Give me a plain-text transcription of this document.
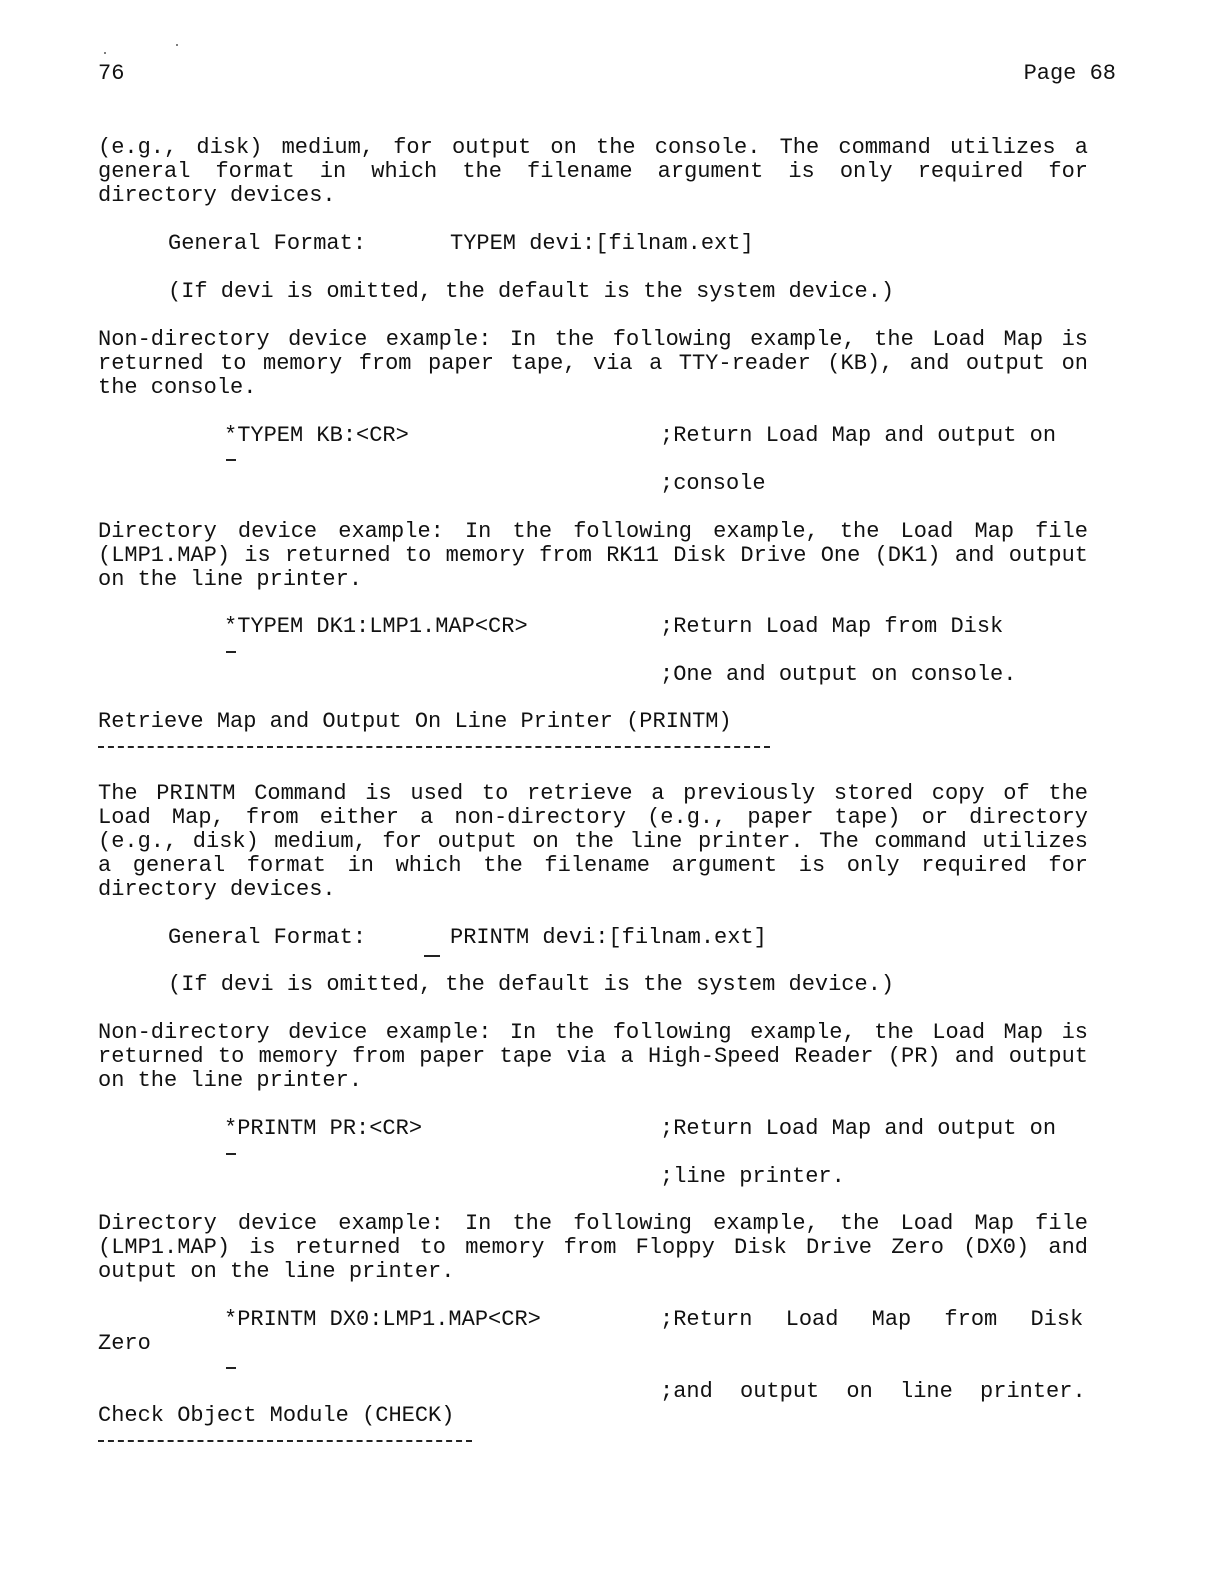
76	Page 68
(e.g., disk) medium, for output on the console. The command utilizes a general format in which the filename argument is only required for directory devices.
General Format:	TYPEM devi:[filnam.ext]
(If devi is omitted, the default is the system device.)
Non-directory device example: In the following example, the Load Map is returned to memory from paper tape, via a TTY-reader (KB), and output on the console.
*TYPEM KB:<CR>	;Return Load Map and output on
;console
Directory device example: In the following example, the Load Map file (LMP1.MAP) is returned to memory from RK11 Disk Drive One (DK1) and output on the line printer.
*TYPEM DK1:LMP1.MAP<CR>	;Return Load Map from Disk
;One and output on console.
Retrieve Map and Output On Line Printer (PRINTM)
The PRINTM Command is used to retrieve a previously stored copy of the Load Map, from either a non-directory (e.g., paper tape) or directory (e.g., disk) medium, for output on the line printer. The command utilizes a general format in which the filename argument is only required for directory devices.
General Format:	PRINTM devi:[filnam.ext]
(If devi is omitted, the default is the system device.)
Non-directory device example: In the following example, the Load Map is returned to memory from paper tape via a High-Speed Reader (PR) and output on the line printer.
*PRINTM PR:<CR>	;Return Load Map and output on
;line printer.
Directory device example: In the following example, the Load Map file (LMP1.MAP) is returned to memory from Floppy Disk Drive Zero (DX0) and output on the line printer.
*PRINTM DX0:LMP1.MAP<CR>	;Return Load Map from Disk
Zero
;and output on line printer.
Check Object Module (CHECK)
